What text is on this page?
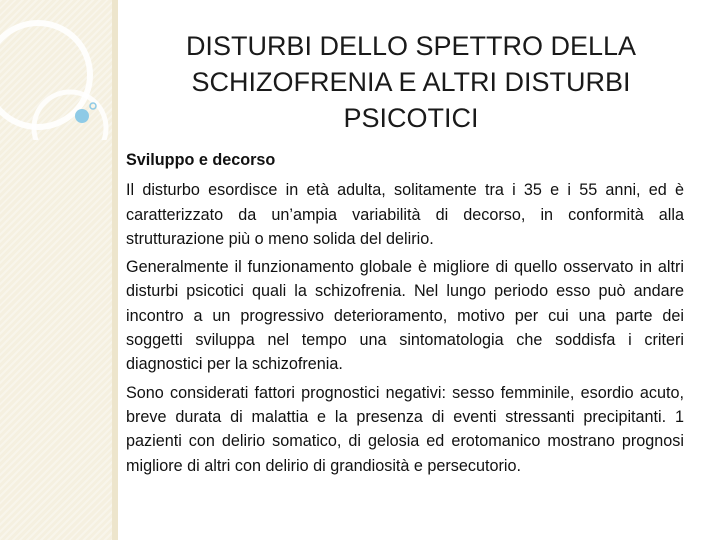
DISTURBI DELLO SPETTRO DELLA
SCHIZOFRENIA E ALTRI DISTURBI
PSICOTICI
Sviluppo e decorso
Il disturbo esordisce in età adulta, solitamente tra i 35 e i 55 anni, ed è caratterizzato da un’ampia variabilità di decorso, in conformità alla strutturazione più o meno solida del delirio.
Generalmente il funzionamento globale è migliore di quello osservato in altri disturbi psicotici quali la schizofrenia. Nel lungo periodo esso può andare incontro a un progressivo deterioramento, motivo per cui una parte dei soggetti sviluppa nel tempo una sintomatologia che soddisfa i criteri diagnostici per la schizofrenia.
Sono considerati fattori prognostici negativi: sesso femminile, esordio acuto, breve durata di malattia e la presenza di eventi stressanti precipitanti. 1 pazienti con delirio somatico, di gelosia ed erotomanico mostrano prognosi migliore di altri con delirio di grandiosità e persecutorio.
